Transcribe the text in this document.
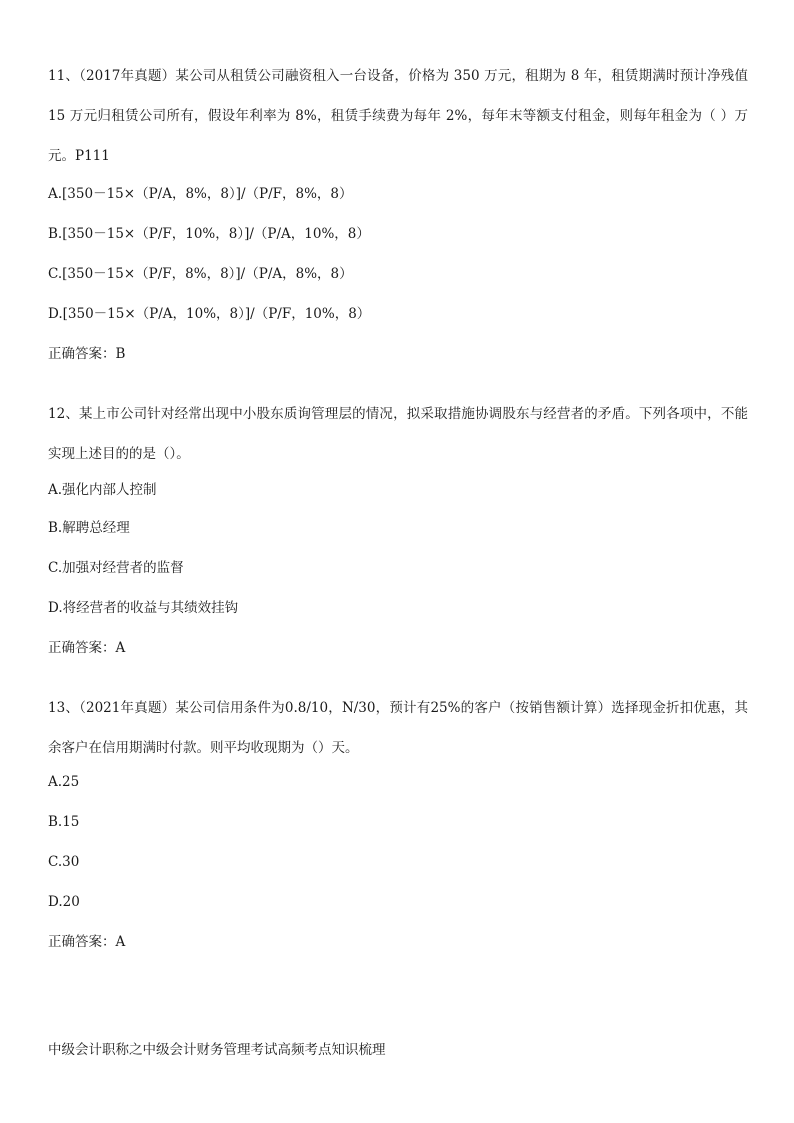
11、（2017年真题）某公司从租赁公司融资租入一台设备，价格为 350 万元，租期为 8 年，租赁期满时预计净残值 15 万元归租赁公司所有，假设年利率为 8%，租赁手续费为每年 2%，每年末等额支付租金，则每年租金为（ ）万元。P111
A.[350－15×（P/A，8%，8）]/（P/F，8%，8）
B.[350－15×（P/F，10%，8）]/（P/A，10%，8）
C.[350－15×（P/F，8%，8）]/（P/A，8%，8）
D.[350－15×（P/A，10%，8）]/（P/F，10%，8）
正确答案：B
12、某上市公司针对经常出现中小股东质询管理层的情况，拟采取措施协调股东与经营者的矛盾。下列各项中，不能实现上述目的的是（）。
A.强化内部人控制
B.解聘总经理
C.加强对经营者的监督
D.将经营者的收益与其绩效挂钩
正确答案：A
13、（2021年真题）某公司信用条件为0.8/10，N/30，预计有25%的客户（按销售额计算）选择现金折扣优惠，其余客户在信用期满时付款。则平均收现期为（）天。
A.25
B.15
C.30
D.20
正确答案：A
中级会计职称之中级会计财务管理考试高频考点知识梳理
